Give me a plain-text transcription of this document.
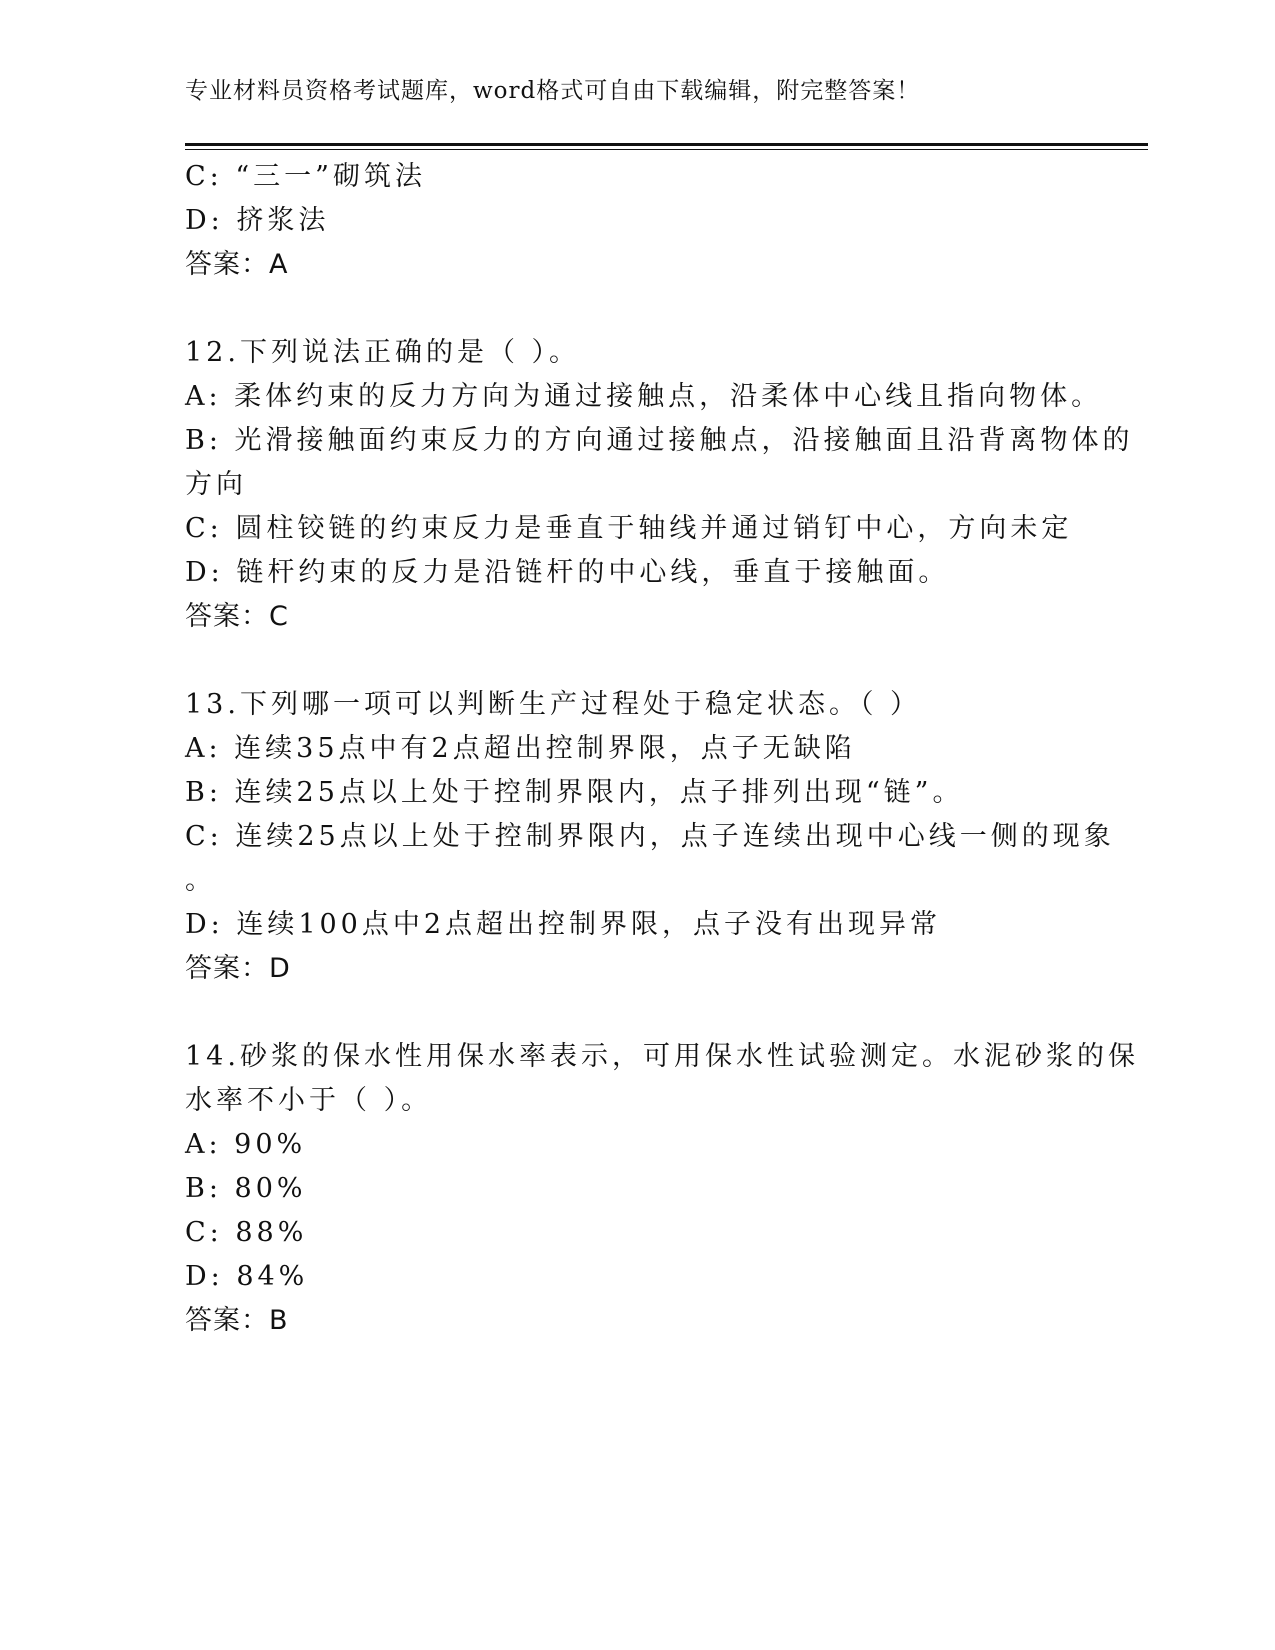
专业材料员资格考试题库，word格式可自由下载编辑，附完整答案！
C: “三一”砌筑法
D: 挤浆法
答案：A
12.下列说法正确的是（ ）。
A: 柔体约束的反力方向为通过接触点，沿柔体中心线且指向物体。
B: 光滑接触面约束反力的方向通过接触点，沿接触面且沿背离物体的
方向
C: 圆柱铰链的约束反力是垂直于轴线并通过销钉中心，方向未定
D: 链杆约束的反力是沿链杆的中心线，垂直于接触面。
答案：C
13.下列哪一项可以判断生产过程处于稳定状态。（ ）
A: 连续35点中有2点超出控制界限，点子无缺陷
B: 连续25点以上处于控制界限内，点子排列出现“链”。
C: 连续25点以上处于控制界限内，点子连续出现中心线一侧的现象
。
D: 连续100点中2点超出控制界限，点子没有出现异常
答案：D
14.砂浆的保水性用保水率表示，可用保水性试验测定。水泥砂浆的保
水率不小于（ ）。
A: 90%
B: 80%
C: 88%
D: 84%
答案：B
